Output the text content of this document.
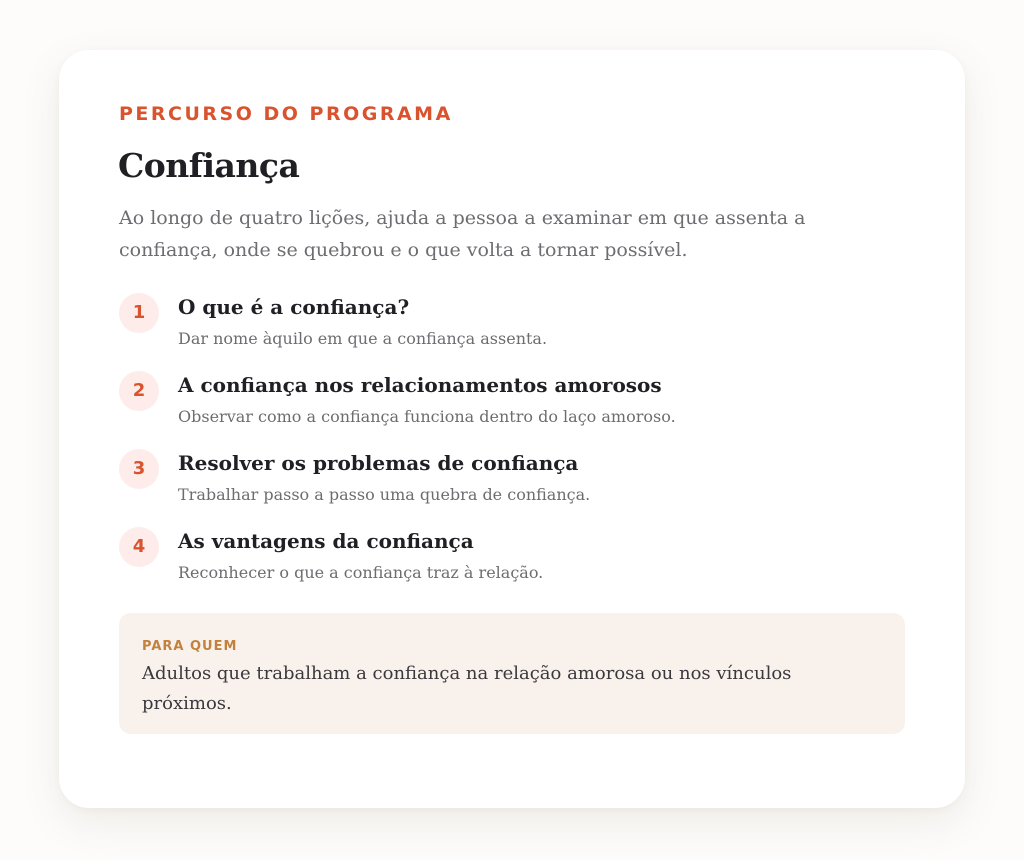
PERCURSO DO PROGRAMA
Confiança

Ao longo de quatro lições, ajuda a pessoa a examinar em que assenta a confiança, onde se quebrou e o que volta a tornar possível.

1	O que é a confiança?
Dar nome àquilo em que a confiança assenta.
2	A confiança nos relacionamentos amorosos
Observar como a confiança funciona dentro do laço amoroso.
3	Resolver os problemas de confiança
Trabalhar passo a passo uma quebra de confiança.
4	As vantagens da confiança
Reconhecer o que a confiança traz à relação.
PARA QUEM

Adultos que trabalham a confiança na relação amorosa ou nos vínculos próximos.
